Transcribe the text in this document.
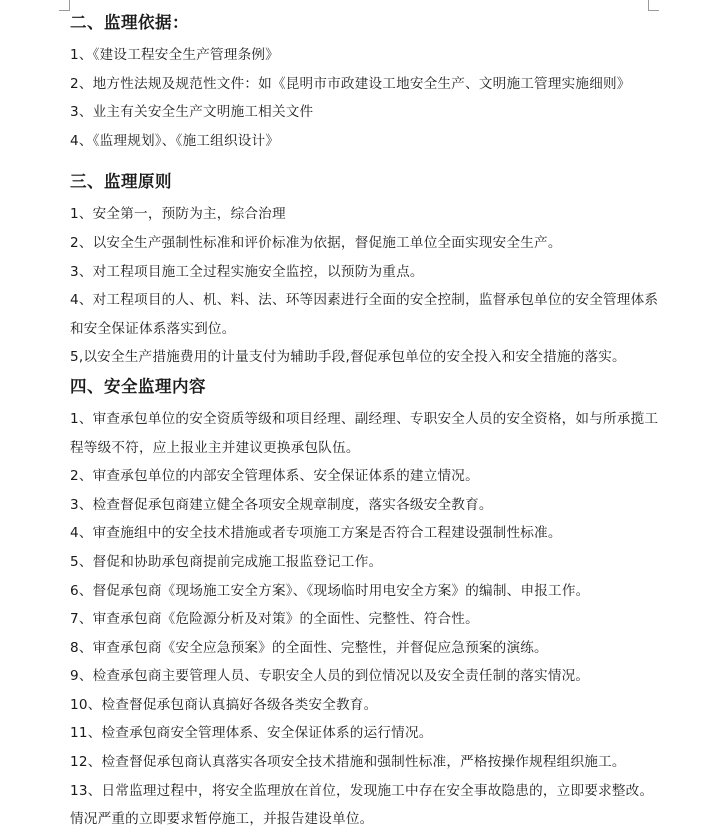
二、监理依据：
1、《建设工程安全生产管理条例》
2、地方性法规及规范性文件：如《昆明市市政建设工地安全生产、文明施工管理实施细则》
3、业主有关安全生产文明施工相关文件
4、《监理规划》、《施工组织设计》
三、监理原则
1、安全第一，预防为主，综合治理
2、以安全生产强制性标准和评价标准为依据，督促施工单位全面实现安全生产。
3、对工程项目施工全过程实施安全监控，以预防为重点。
4、对工程项目的人、机、料、法、环等因素进行全面的安全控制，监督承包单位的安全管理体系和安全保证体系落实到位。
5,以安全生产措施费用的计量支付为辅助手段,督促承包单位的安全投入和安全措施的落实。
四、安全监理内容
1、审查承包单位的安全资质等级和项目经理、副经理、专职安全人员的安全资格，如与所承揽工程等级不符，应上报业主并建议更换承包队伍。
2、审查承包单位的内部安全管理体系、安全保证体系的建立情况。
3、检查督促承包商建立健全各项安全规章制度，落实各级安全教育。
4、审查施组中的安全技术措施或者专项施工方案是否符合工程建设强制性标准。
5、督促和协助承包商提前完成施工报监登记工作。
6、督促承包商《现场施工安全方案》、《现场临时用电安全方案》的编制、申报工作。
7、审查承包商《危险源分析及对策》的全面性、完整性、符合性。
8、审查承包商《安全应急预案》的全面性、完整性，并督促应急预案的演练。
9、检查承包商主要管理人员、专职安全人员的到位情况以及安全责任制的落实情况。
10、检查督促承包商认真搞好各级各类安全教育。
11、检查承包商安全管理体系、安全保证体系的运行情况。
12、检查督促承包商认真落实各项安全技术措施和强制性标准，严格按操作规程组织施工。
13、日常监理过程中，将安全监理放在首位，发现施工中存在安全事故隐患的，立即要求整改。情况严重的立即要求暂停施工，并报告建设单位。
